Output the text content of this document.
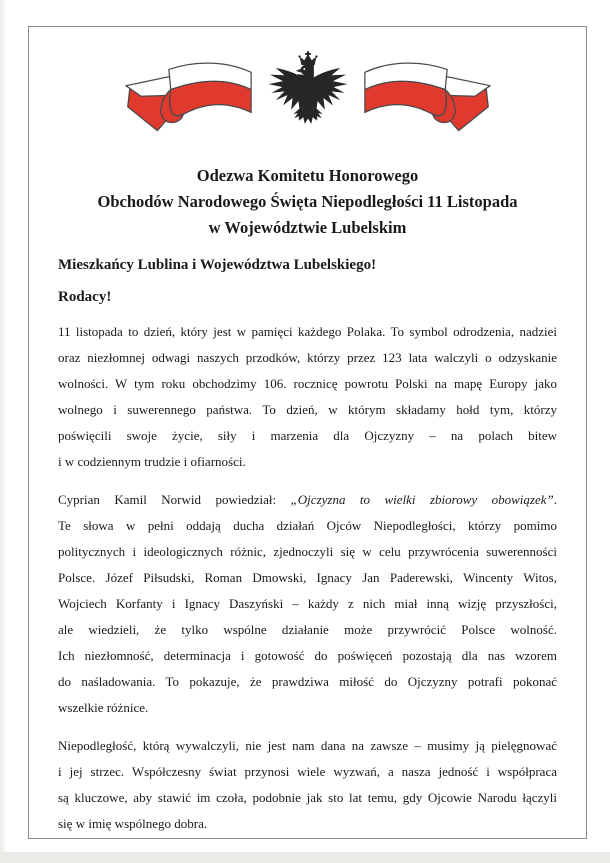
Odezwa Komitetu Honorowego
Obchodów Narodowego Święta Niepodległości 11 Listopada
w Województwie Lubelskim
Mieszkańcy Lublina i Województwa Lubelskiego!
Rodacy!
11 listopada to dzień, który jest w pamięci każdego Polaka. To symbol odrodzenia, nadziei
oraz niezłomnej odwagi naszych przodków, którzy przez 123 lata walczyli o odzyskanie
wolności. W tym roku obchodzimy 106. rocznicę powrotu Polski na mapę Europy jako
wolnego i suwerennego państwa. To dzień, w którym składamy hołd tym, którzy
poświęcili swoje życie, siły i marzenia dla Ojczyzny – na polach bitew
i w codziennym trudzie i ofiarności.
Cyprian Kamil Norwid powiedział: „Ojczyzna to wielki zbiorowy obowiązek”.
Te słowa w pełni oddają ducha działań Ojców Niepodległości, którzy pomimo
politycznych i ideologicznych różnic, zjednoczyli się w celu przywrócenia suwerenności
Polsce. Józef Piłsudski, Roman Dmowski, Ignacy Jan Paderewski, Wincenty Witos,
Wojciech Korfanty i Ignacy Daszyński – każdy z nich miał inną wizję przyszłości,
ale wiedzieli, że tylko wspólne działanie może przywrócić Polsce wolność.
Ich niezłomność, determinacja i gotowość do poświęceń pozostają dla nas wzorem
do naśladowania. To pokazuje, że prawdziwa miłość do Ojczyzny potrafi pokonać
wszelkie różnice.
Niepodległość, którą wywalczyli, nie jest nam dana na zawsze – musimy ją pielęgnować
i jej strzec. Współczesny świat przynosi wiele wyzwań, a nasza jedność i współpraca
są kluczowe, aby stawić im czoła, podobnie jak sto lat temu, gdy Ojcowie Narodu łączyli
się w imię wspólnego dobra.
